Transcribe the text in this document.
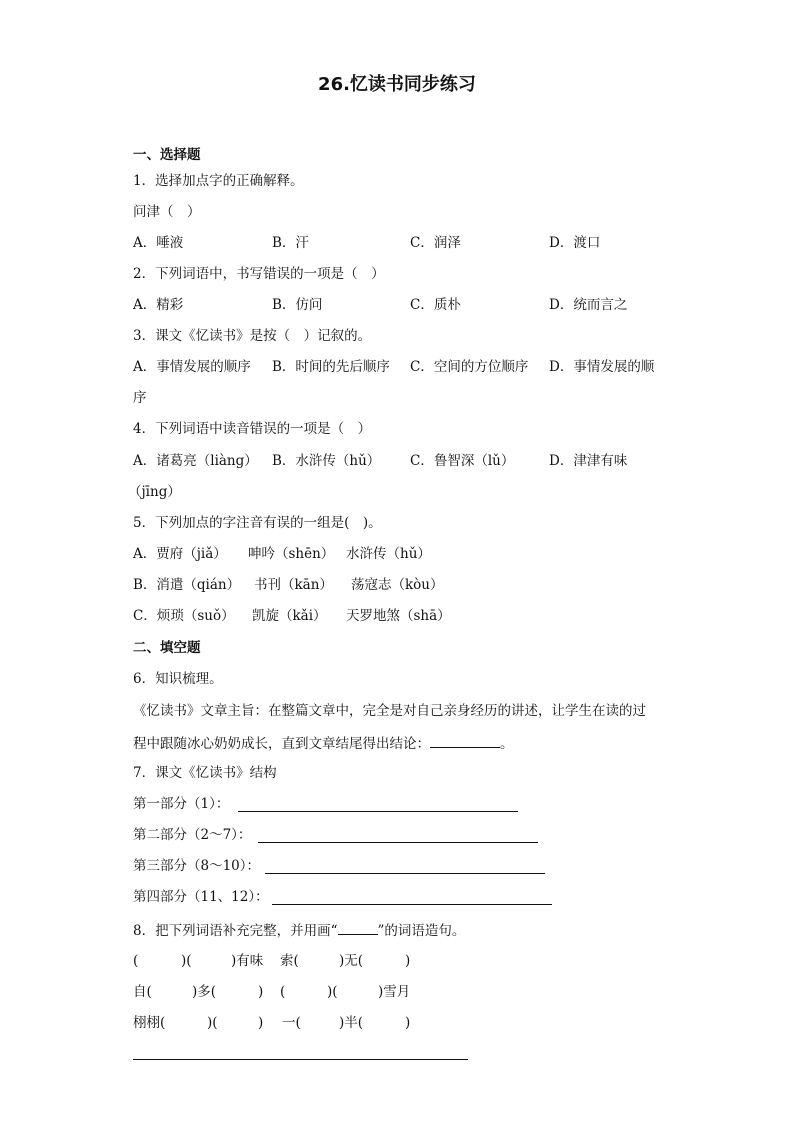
26.忆读书同步练习
一、选择题
1．选择加点字的正确解释。
问津（　）
A．唾液	B．汗	C．润泽	D．渡口
2．下列词语中，书写错误的一项是（　）
A．精彩	B．仿问	C．质朴	D．统而言之
3．课文《忆读书》是按（　）记叙的。
A．事情发展的顺序 B．时间的先后顺序 C．空间的方位顺序 D．事情发展的顺
序
4．下列词语中读音错误的一项是（　）
A．诸葛亮（liàng） B．水浒传（hǔ） C．鲁智深（lǔ）	D．津津有味
（jīng）
5．下列加点的字注音有误的一组是(　)。
A．贾府（jiǎ） 呻吟（shēn） 水浒传（hǔ）
B．消遣（qián） 书刊（kān） 荡寇志（kòu）
C．烦琐（suǒ） 凯旋（kǎi） 天罗地煞（shā）
二、填空题
6．知识梳理。
《忆读书》文章主旨：在整篇文章中，完全是对自己亲身经历的讲述，让学生在读的过
程中跟随冰心奶奶成长，直到文章结尾得出结论：	。
7．课文《忆读书》结构
第一部分（1）：
第二部分（2～7）：
第三部分（8～10）：
第四部分（11、12）：
8．把下列词语补充完整，并用画“	”的词语造句。
(	)(	)有味 索(	)无(	)
自(	)多(	) (	)(	)雪月
栩栩(	)(	) 一(	)半(	)
